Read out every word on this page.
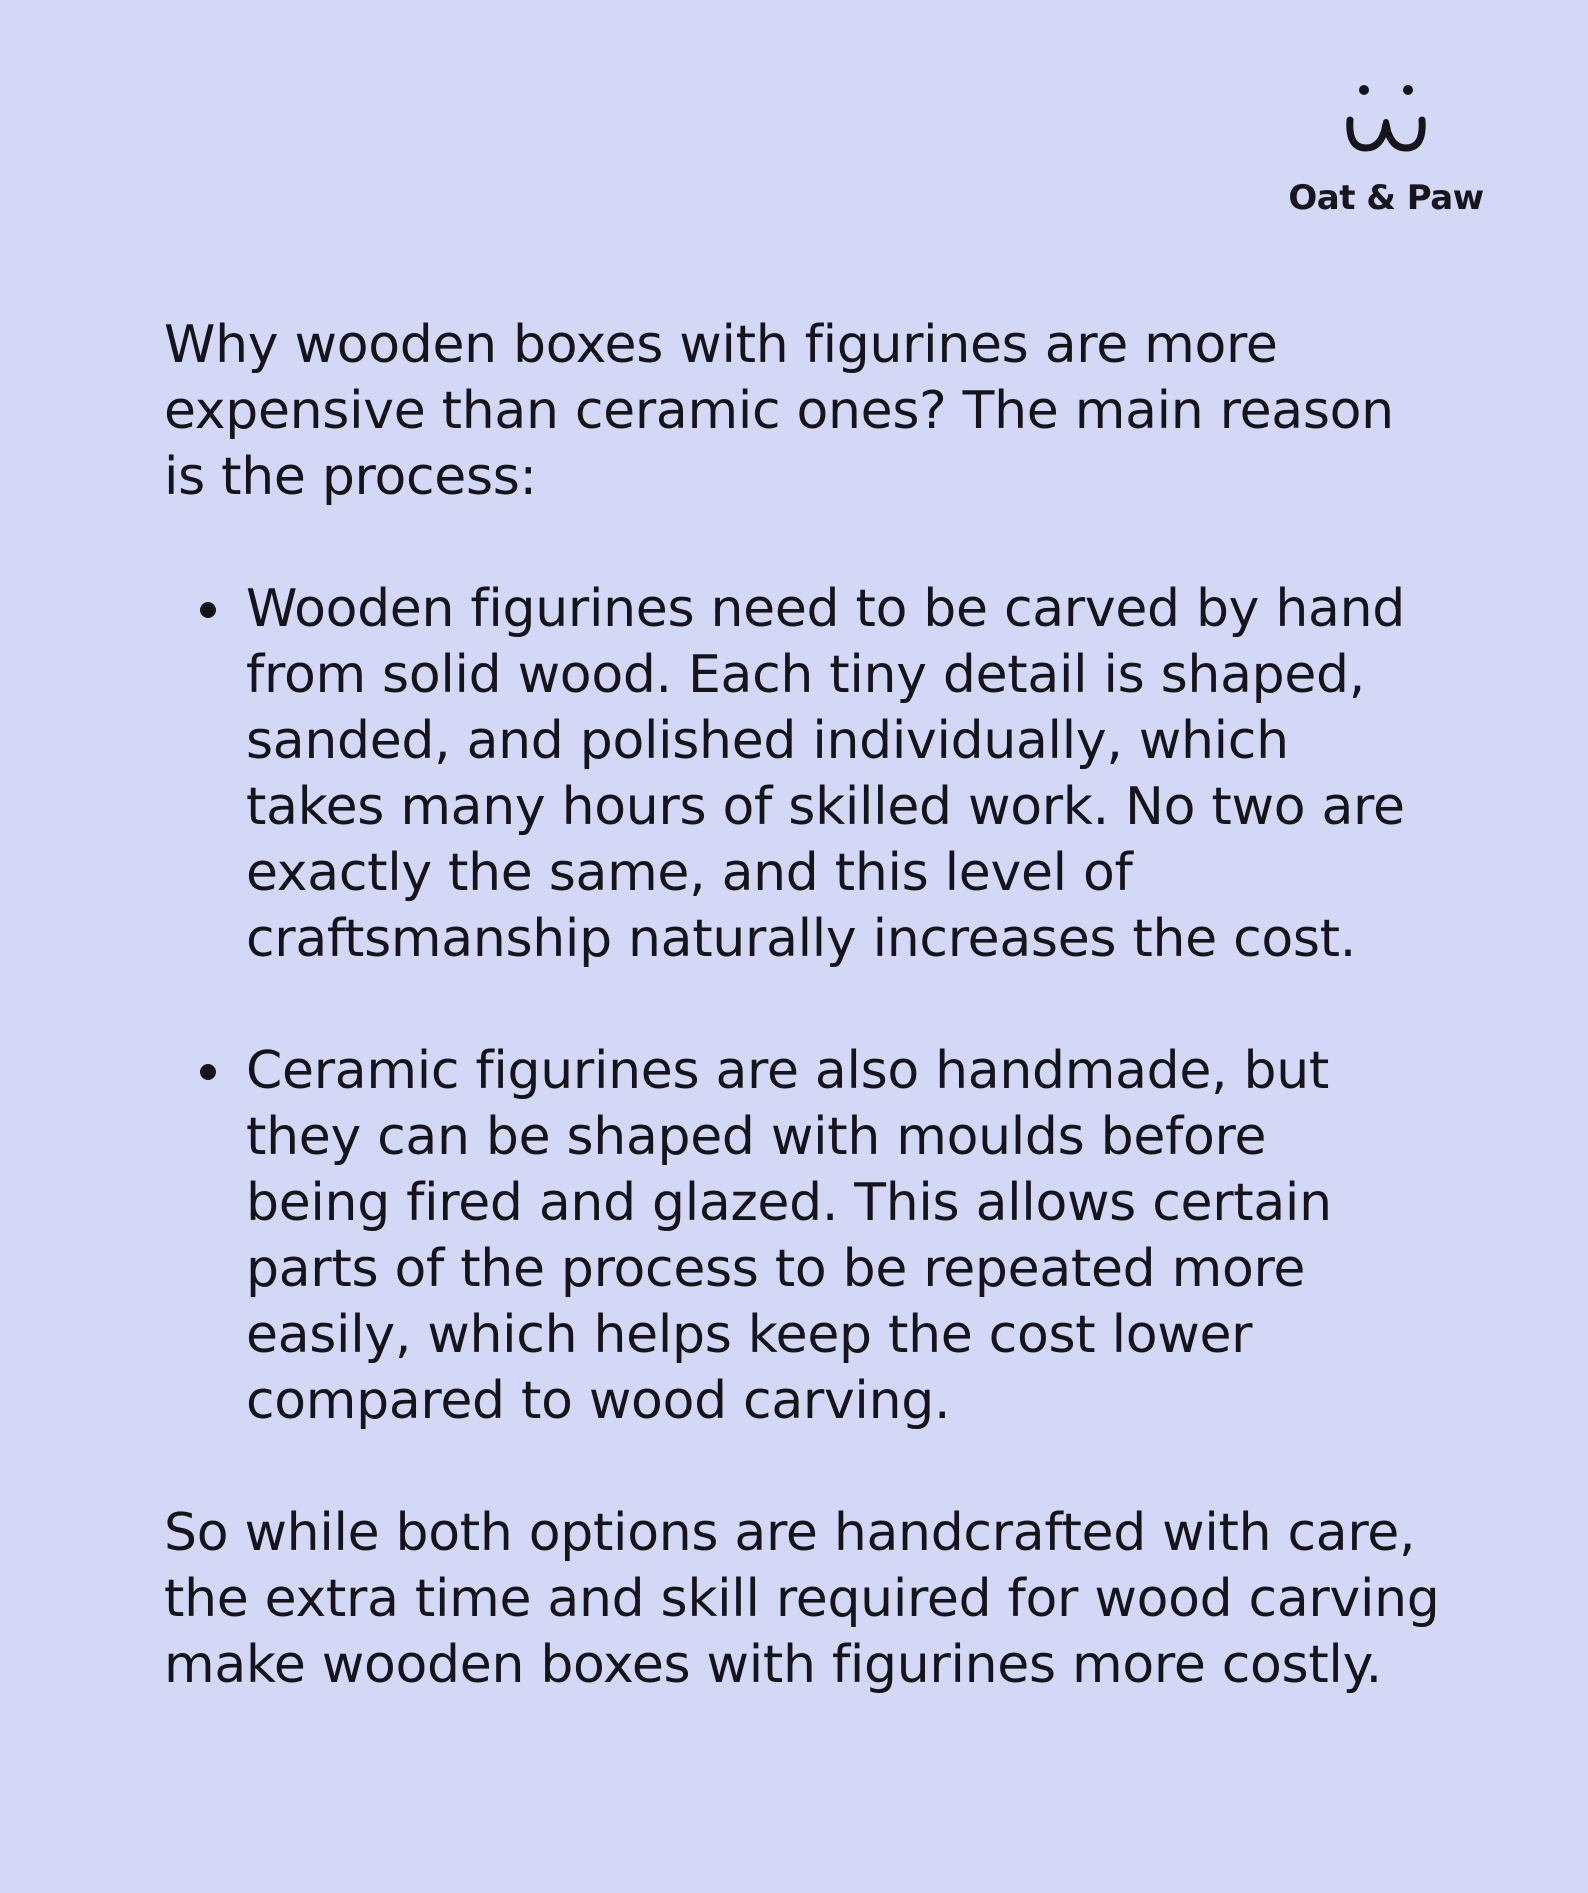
Oat & Paw

Why wooden boxes with figurines are more expensive than ceramic ones? The main reason is the process:

Wooden figurines need to be carved by hand from solid wood. Each tiny detail is shaped, sanded, and polished individually, which takes many hours of skilled work. No two are exactly the same, and this level of craftsmanship naturally increases the cost.
Ceramic figurines are also handmade, but they can be shaped with moulds before being fired and glazed. This allows certain parts of the process to be repeated more easily, which helps keep the cost lower compared to wood carving.

So while both options are handcrafted with care, the extra time and skill required for wood carving make wooden boxes with figurines more costly.
